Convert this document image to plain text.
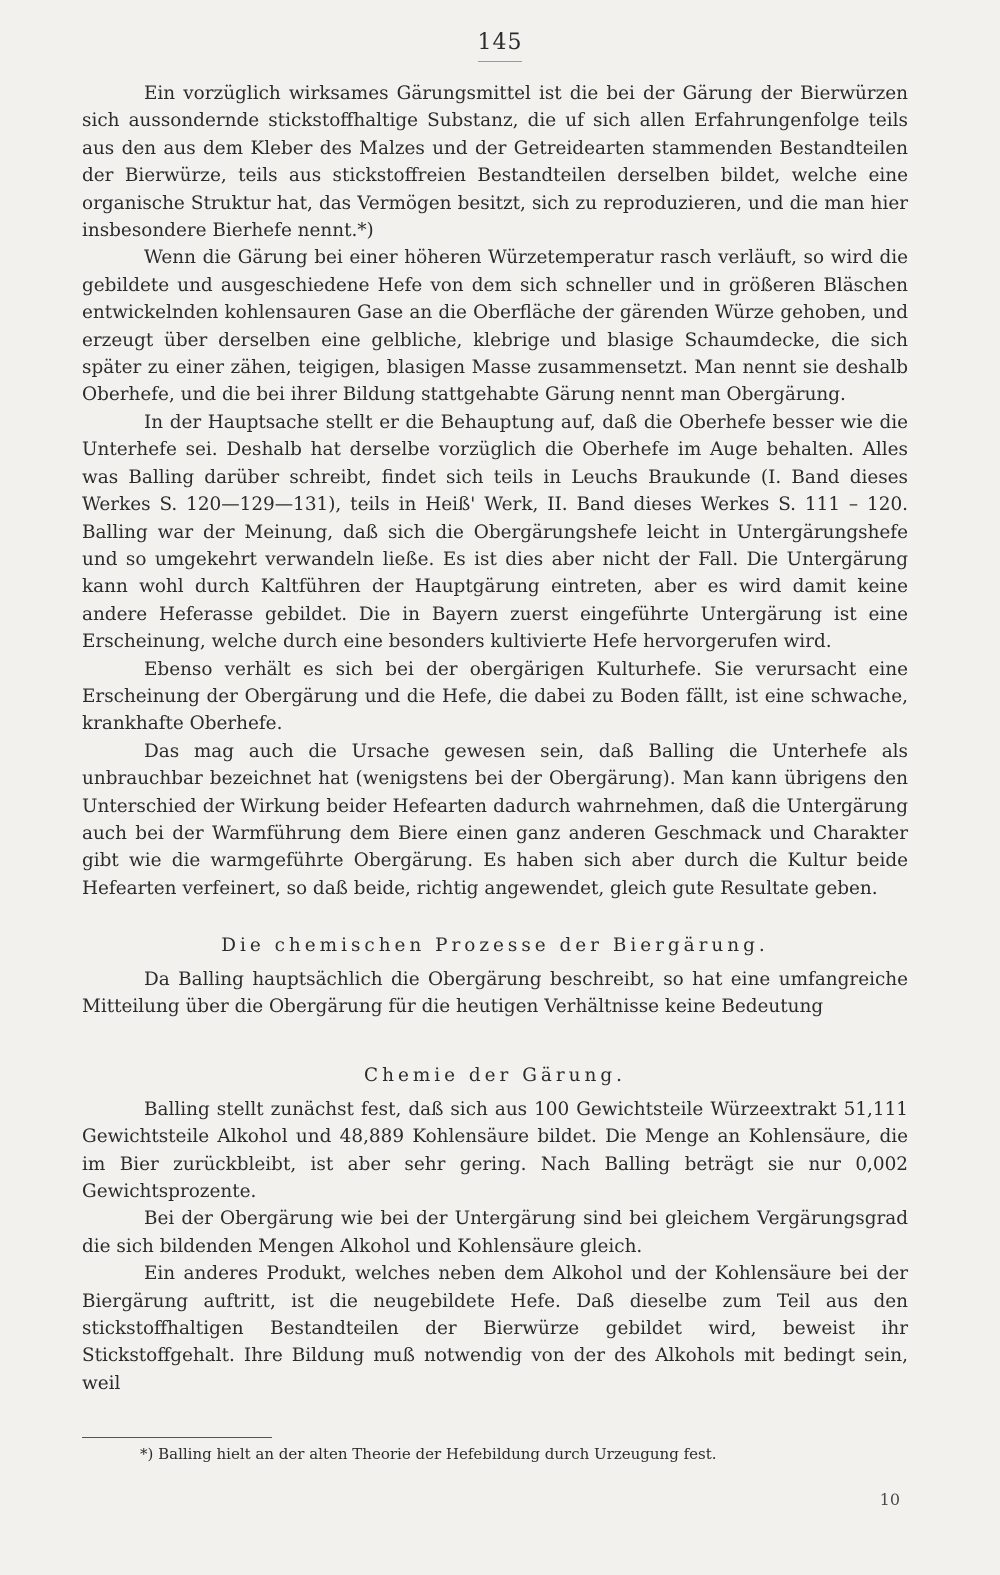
145

Ein vorzüglich wirksames Gärungsmittel ist die bei der Gärung der Bierwürzen sich aussondernde stickstoffhaltige Substanz, die uf sich allen Erfahrungenfolge teils aus den aus dem Kleber des Malzes und der Getreidearten stammenden Bestandteilen der Bierwürze, teils aus stickstoffreien Bestandteilen derselben bildet, welche eine organische Struktur hat, das Vermögen besitzt, sich zu reproduzieren, und die man hier insbesondere Bierhefe nennt.*)

Wenn die Gärung bei einer höheren Würzetemperatur rasch verläuft, so wird die gebildete und ausgeschiedene Hefe von dem sich schneller und in größeren Bläschen entwickelnden kohlensauren Gase an die Oberfläche der gärenden Würze gehoben, und erzeugt über derselben eine gelbliche, klebrige und blasige Schaumdecke, die sich später zu einer zähen, teigigen, blasigen Masse zusammensetzt. Man nennt sie deshalb Oberhefe, und die bei ihrer Bildung stattgehabte Gärung nennt man Obergärung.

In der Hauptsache stellt er die Behauptung auf, daß die Oberhefe besser wie die Unterhefe sei. Deshalb hat derselbe vorzüglich die Oberhefe im Auge behalten. Alles was Balling darüber schreibt, findet sich teils in Leuchs Braukunde (I. Band dieses Werkes S. 120—129—131), teils in Heiß' Werk, II. Band dieses Werkes S. 111 – 120. Balling war der Meinung, daß sich die Obergärungshefe leicht in Untergärungshefe und so umgekehrt verwandeln ließe. Es ist dies aber nicht der Fall. Die Untergärung kann wohl durch Kaltführen der Hauptgärung eintreten, aber es wird damit keine andere Heferasse gebildet. Die in Bayern zuerst eingeführte Untergärung ist eine Erscheinung, welche durch eine besonders kultivierte Hefe hervorgerufen wird.

Ebenso verhält es sich bei der obergärigen Kulturhefe. Sie verursacht eine Erscheinung der Obergärung und die Hefe, die dabei zu Boden fällt, ist eine schwache, krankhafte Oberhefe.

Das mag auch die Ursache gewesen sein, daß Balling die Unterhefe als unbrauchbar bezeichnet hat (wenigstens bei der Obergärung). Man kann übrigens den Unterschied der Wirkung beider Hefearten dadurch wahrnehmen, daß die Untergärung auch bei der Warmführung dem Biere einen ganz anderen Geschmack und Charakter gibt wie die warmgeführte Obergärung. Es haben sich aber durch die Kultur beide Hefearten verfeinert, so daß beide, richtig angewendet, gleich gute Resultate geben.

Die chemischen Prozesse der Biergärung.

Da Balling hauptsächlich die Obergärung beschreibt, so hat eine umfangreiche Mitteilung über die Obergärung für die heutigen Verhältnisse keine Bedeutung

Chemie der Gärung.

Balling stellt zunächst fest, daß sich aus 100 Gewichtsteile Würzeextrakt 51,111 Gewichtsteile Alkohol und 48,889 Kohlensäure bildet. Die Menge an Kohlensäure, die im Bier zurückbleibt, ist aber sehr gering. Nach Balling beträgt sie nur 0,002 Gewichtsprozente.

Bei der Obergärung wie bei der Untergärung sind bei gleichem Vergärungsgrad die sich bildenden Mengen Alkohol und Kohlensäure gleich.

Ein anderes Produkt, welches neben dem Alkohol und der Kohlensäure bei der Biergärung auftritt, ist die neugebildete Hefe. Daß dieselbe zum Teil aus den stickstoffhaltigen Bestandteilen der Bierwürze gebildet wird, beweist ihr Stickstoffgehalt. Ihre Bildung muß notwendig von der des Alkohols mit bedingt sein, weil

*) Balling hielt an der alten Theorie der Hefebildung durch Urzeugung fest.
10
